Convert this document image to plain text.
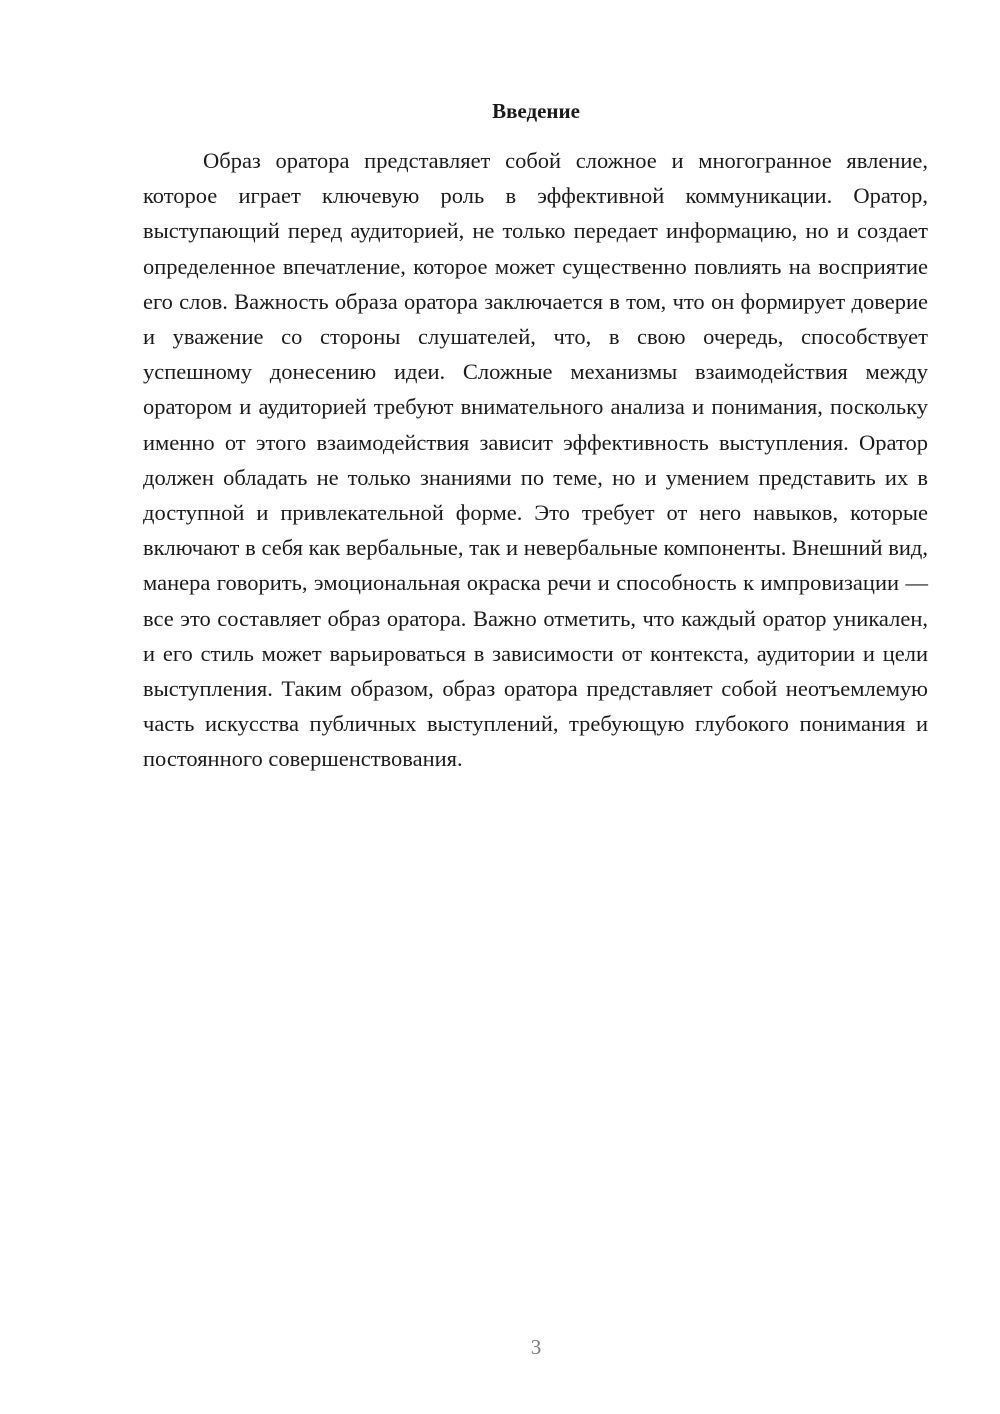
Введение

Образ оратора представляет собой сложное и многогранное явление, которое играет ключевую роль в эффективной коммуникации. Оратор, выступающий перед аудиторией, не только передает информацию, но и создает определенное впечатление, которое может существенно повлиять на восприятие его слов. Важность образа оратора заключается в том, что он формирует доверие и уважение со стороны слушателей, что, в свою очередь, способствует успешному донесению идеи. Сложные механизмы взаимодействия между оратором и аудиторией требуют внимательного анализа и понимания, поскольку именно от этого взаимодействия зависит эффективность выступления. Оратор должен обладать не только знаниями по теме, но и умением представить их в доступной и привлекательной форме. Это требует от него навыков, которые включают в себя как вербальные, так и невербальные компоненты. Внешний вид, манера говорить, эмоциональная окраска речи и способность к импровизации — все это составляет образ оратора. Важно отметить, что каждый оратор уникален, и его стиль может варьироваться в зависимости от контекста, аудитории и цели выступления. Таким образом, образ оратора представляет собой неотъемлемую часть искусства публичных выступлений, требующую глубокого понимания и постоянного совершенствования.

3
